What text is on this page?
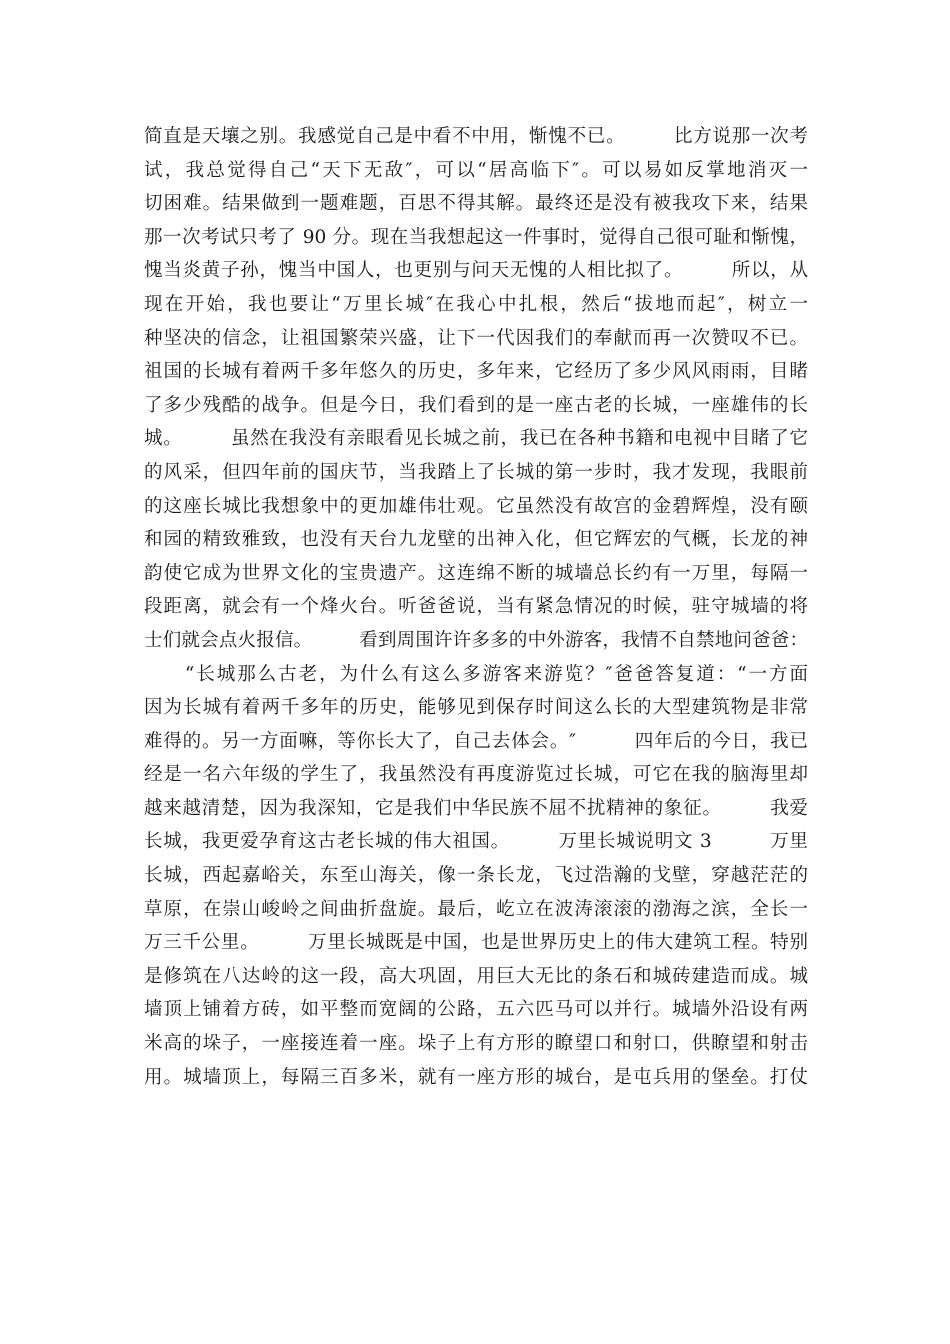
简直是天壤之别。我感觉自己是中看不中用，惭愧不已。　　　比方说那一次考
试，我总觉得自己“天下无敌″，可以“居高临下″。可以易如反掌地消灭一
切困难。结果做到一题难题，百思不得其解。最终还是没有被我攻下来，结果
那一次考试只考了 90 分。现在当我想起这一件事时，觉得自己很可耻和惭愧，
愧当炎黄子孙，愧当中国人，也更别与问天无愧的人相比拟了。　　　所以，从
现在开始，我也要让“万里长城″在我心中扎根，然后“拔地而起″，树立一
种坚决的信念，让祖国繁荣兴盛，让下一代因我们的奉献而再一次赞叹不已。
祖国的长城有着两千多年悠久的历史，多年来，它经历了多少风风雨雨，目睹
了多少残酷的战争。但是今日，我们看到的是一座古老的长城，一座雄伟的长
城。　　　虽然在我没有亲眼看见长城之前，我已在各种书籍和电视中目睹了它
的风采，但四年前的国庆节，当我踏上了长城的第一步时，我才发现，我眼前
的这座长城比我想象中的更加雄伟壮观。它虽然没有故宫的金碧辉煌，没有颐
和园的精致雅致，也没有天台九龙壁的出神入化，但它辉宏的气概，长龙的神
韵使它成为世界文化的宝贵遗产。这连绵不断的城墙总长约有一万里，每隔一
段距离，就会有一个烽火台。听爸爸说，当有紧急情况的时候，驻守城墙的将
士们就会点火报信。　　　看到周围许许多多的中外游客，我情不自禁地问爸爸：
　　“长城那么古老，为什么有这么多游客来游览？″爸爸答复道：“一方面
因为长城有着两千多年的历史，能够见到保存时间这么长的大型建筑物是非常
难得的。另一方面嘛，等你长大了，自己去体会。″　　　四年后的今日，我已
经是一名六年级的学生了，我虽然没有再度游览过长城，可它在我的脑海里却
越来越清楚，因为我深知，它是我们中华民族不屈不扰精神的象征。　　　我爱
长城，我更爱孕育这古老长城的伟大祖国。　　　万里长城说明文 3　　　万里
长城，西起嘉峪关，东至山海关，像一条长龙，飞过浩瀚的戈壁，穿越茫茫的
草原，在崇山峻岭之间曲折盘旋。最后，屹立在波涛滚滚的渤海之滨，全长一
万三千公里。　　　万里长城既是中国，也是世界历史上的伟大建筑工程。特别
是修筑在八达岭的这一段，高大巩固，用巨大无比的条石和城砖建造而成。城
墙顶上铺着方砖，如平整而宽阔的公路，五六匹马可以并行。城墙外沿设有两
米高的垛子，一座接连着一座。垛子上有方形的瞭望口和射口，供瞭望和射击
用。城墙顶上，每隔三百多米，就有一座方形的城台，是屯兵用的堡垒。打仗
